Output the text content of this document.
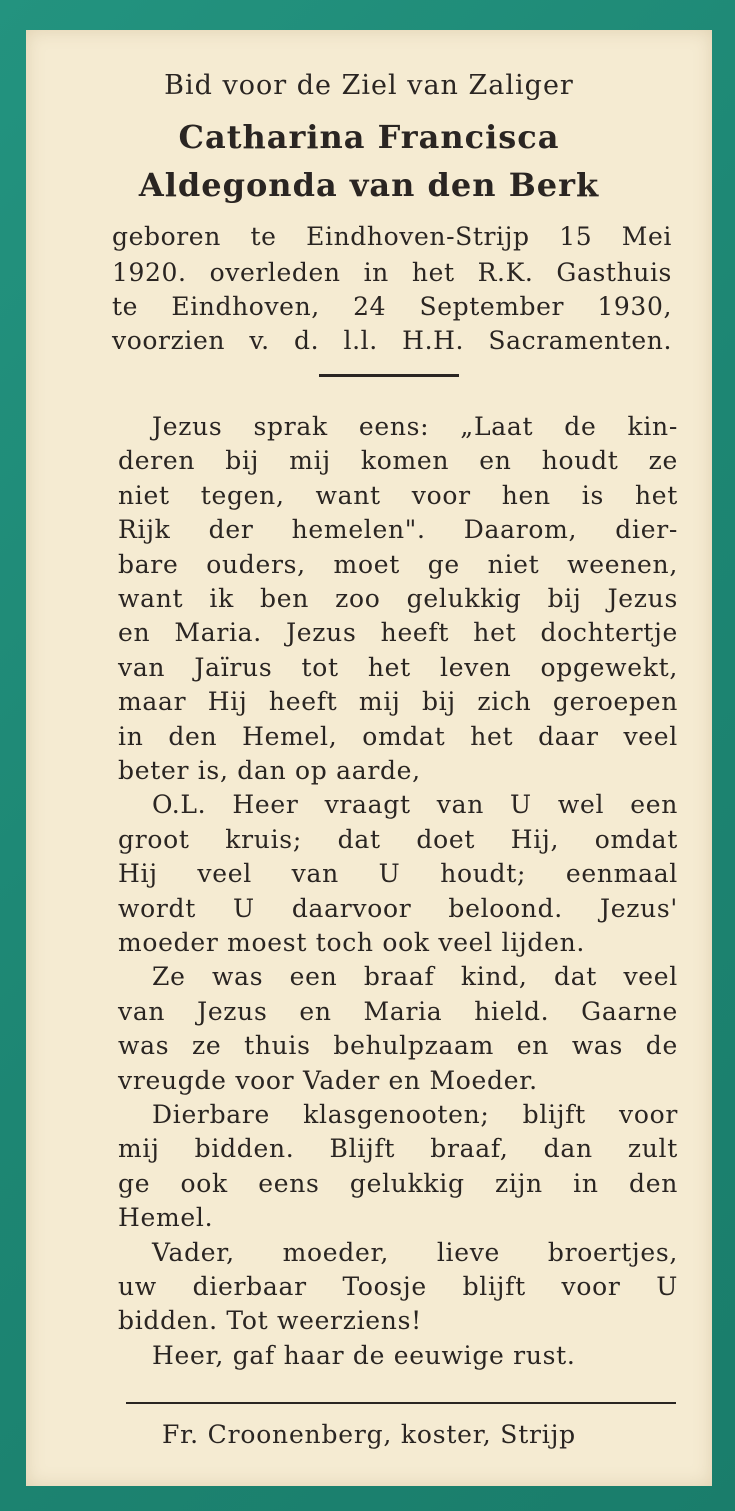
Bid voor de Ziel van Zaliger
Catharina Francisca
Aldegonda van den Berk
geboren te Eindhoven-Strijp 15 Mei
1920. overleden in het R.K. Gasthuis
te Eindhoven, 24 September 1930,
voorzien v. d. l.l. H.H. Sacramenten.
Jezus sprak eens: „Laat de kin-
deren bij mij komen en houdt ze
niet tegen, want voor hen is het
Rijk der hemelen". Daarom, dier-
bare ouders, moet ge niet weenen,
want ik ben zoo gelukkig bij Jezus
en Maria. Jezus heeft het dochtertje
van Jaïrus tot het leven opgewekt,
maar Hij heeft mij bij zich geroepen
in den Hemel, omdat het daar veel
beter is, dan op aarde,
O.L. Heer vraagt van U wel een
groot kruis; dat doet Hij, omdat
Hij veel van U houdt; eenmaal
wordt U daarvoor beloond. Jezus'
moeder moest toch ook veel lijden.
Ze was een braaf kind, dat veel
van Jezus en Maria hield. Gaarne
was ze thuis behulpzaam en was de
vreugde voor Vader en Moeder.
Dierbare klasgenooten; blijft voor
mij bidden. Blijft braaf, dan zult
ge ook eens gelukkig zijn in den
Hemel.
Vader, moeder, lieve broertjes,
uw dierbaar Toosje blijft voor U
bidden. Tot weerziens!
Heer, gaf haar de eeuwige rust.
Fr. Croonenberg, koster, Strijp
